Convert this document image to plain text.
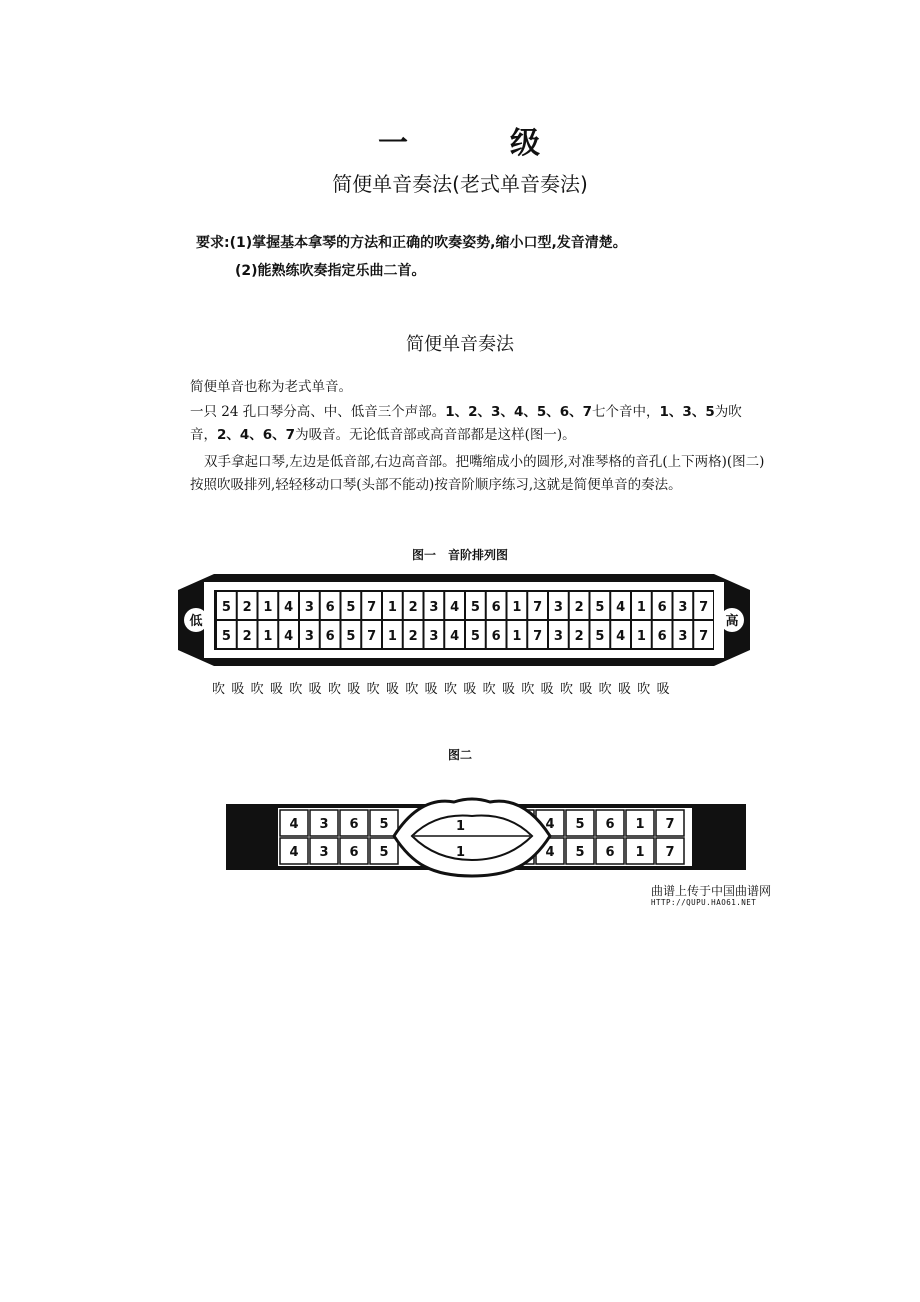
一	级
简便单音奏法(老式单音奏法)
要求:(1)掌握基本拿琴的方法和正确的吹奏姿势,缩小口型,发音清楚。
(2)能熟练吹奏指定乐曲二首。
简便单音奏法
简便单音也称为老式单音。
一只 24 孔口琴分高、中、低音三个声部。1、2、3、4、5、6、7七个音中，1、3、5为吹音，2、4、6、7为吸音。无论低音部或高音部都是这样(图一)。
双手拿起口琴,左边是低音部,右边高音部。把嘴缩成小的圆形,对准琴格的音孔(上下两格)(图二)按照吹吸排列,轻轻移动口琴(头部不能动)按音阶顺序练习,这就是简便单音的奏法。
图一　音阶排列图
低	高
5
5
2
2
1
1
4
4
3
3
6
6
5
5
7
7
1
1
2
2
3
3
4
4
5
5
6
6
1
1
7
7
3
3
2
2
5
5
4
4
1
1
6
6
3
3
7
7
吹 吸 吹 吸 吹 吸 吹 吸 吹 吸 吹 吸 吹 吸 吹 吸 吹 吸 吹 吸 吹 吸 吹 吸
图二
4
4
3
3
6
6
5
5
4
4
5
5
6
6
1
1
7
7
1
1
曲谱上传于中国曲谱网
HTTP://QUPU.HAO61.NET
